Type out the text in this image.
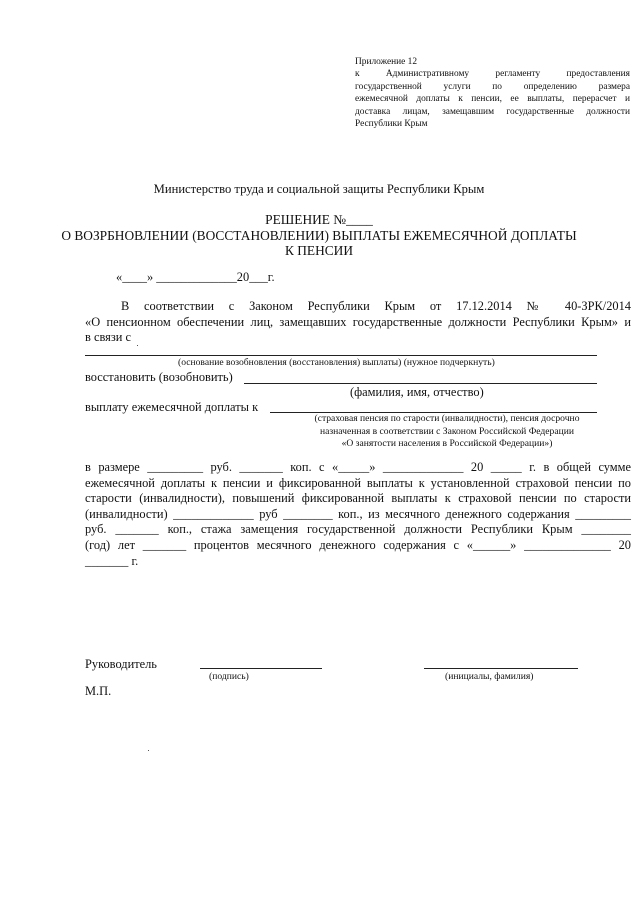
Приложение 12
к Административному регламенту предоставления
государственной услуги по определению размера
ежемесячной доплаты к пенсии, ее выплаты, перерасчет и
доставка лицам, замещавшим государственные должности
Республики Крым
Министерство труда и социальной защиты Республики Крым
РЕШЕНИЕ №____
О ВОЗРБНОВЛЕНИИ (ВОССТАНОВЛЕНИИ) ВЫПЛАТЫ ЕЖЕМЕСЯЧНОЙ ДОПЛАТЫ
К ПЕНСИИ
«____» _____________20___г.
В соответствии с Законом Республики Крым от 17.12.2014 № 40-ЗРК/2014
«О пенсионном обеспечении лиц, замещавших государственные должности Республики Крым» и
в связи с
(основание возобновления (восстановления) выплаты) (нужное подчеркнуть)
восстановить (возобновить)
(фамилия, имя, отчество)
выплату ежемесячной доплаты к
(страховая пенсия по старости (инвалидности), пенсия досрочно
назначенная в соответствии с Законом Российской Федерации
«О занятости населения в Российской Федерации»)
в размере _________ руб. _______ коп. с «_____» _____________ 20 _____ г. в общей сумме
ежемесячной доплаты к пенсии и фиксированной выплаты к установленной страховой пенсии по
старости (инвалидности), повышений фиксированной выплаты к страховой пенсии по старости
(инвалидности) _____________ руб ________ коп., из месячного денежного содержания _________
руб. _______ коп., стажа замещения государственной должности Республики Крым ________
(год) лет _______ процентов месячного денежного содержания с «______» ______________ 20
_______ г.
Руководитель
(подпись)	(инициалы, фамилия)
М.П.
